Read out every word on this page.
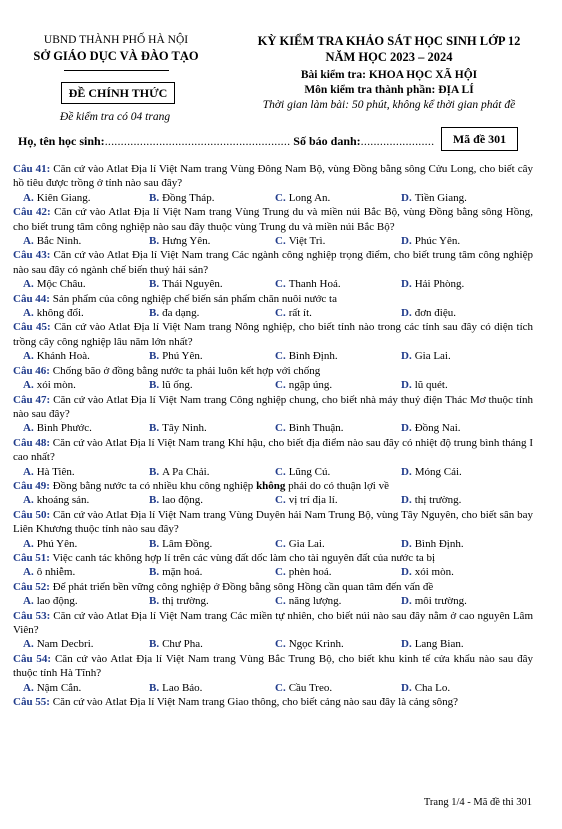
UBND THÀNH PHỐ HÀ NỘI
SỞ GIÁO DỤC VÀ ĐÀO TẠO
ĐỀ CHÍNH THỨC
Đề kiểm tra có 04 trang
KỲ KIỂM TRA KHẢO SÁT HỌC SINH LỚP 12
NĂM HỌC 2023 – 2024
Bài kiểm tra: KHOA HỌC XÃ HỘI
Môn kiểm tra thành phần: ĐỊA LÍ
Thời gian làm bài: 50 phút, không kể thời gian phát đề
Họ, tên học sinh:.......................................................... Số báo danh:.......................	Mã đề 301
Câu 41: Căn cứ vào Atlat Địa lí Việt Nam trang Vùng Đông Nam Bộ, vùng Đồng bằng sông Cửu Long, cho biết cây hồ tiêu được trồng ở tỉnh nào sau đây?
A. Kiên Giang.	B. Đồng Tháp.	C. Long An.	D. Tiền Giang.
Câu 42: Căn cứ vào Atlat Địa lí Việt Nam trang Vùng Trung du và miền núi Bắc Bộ, vùng Đồng bằng sông Hồng, cho biết trung tâm công nghiệp nào sau đây thuộc vùng Trung du và miền núi Bắc Bộ?
A. Bắc Ninh.	B. Hưng Yên.	C. Việt Trì.	D. Phúc Yên.
Câu 43: Căn cứ vào Atlat Địa lí Việt Nam trang Các ngành công nghiệp trọng điểm, cho biết trung tâm công nghiệp nào sau đây có ngành chế biến thuỷ hải sản?
A. Mộc Châu.	B. Thái Nguyên.	C. Thanh Hoá.	D. Hải Phòng.
Câu 44: Sản phẩm của công nghiệp chế biến sản phẩm chăn nuôi nước ta
A. không đổi.	B. đa dạng.	C. rất ít.	D. đơn điệu.
Câu 45: Căn cứ vào Atlat Địa lí Việt Nam trang Nông nghiệp, cho biết tỉnh nào trong các tỉnh sau đây có diện tích trồng cây công nghiệp lâu năm lớn nhất?
A. Khánh Hoà.	B. Phú Yên.	C. Bình Định.	D. Gia Lai.
Câu 46: Chống bão ở đồng bằng nước ta phải luôn kết hợp với chống
A. xói mòn.	B. lũ ống.	C. ngập úng.	D. lũ quét.
Câu 47: Căn cứ vào Atlat Địa lí Việt Nam trang Công nghiệp chung, cho biết nhà máy thuỷ điện Thác Mơ thuộc tỉnh nào sau đây?
A. Bình Phước.	B. Tây Ninh.	C. Bình Thuận.	D. Đồng Nai.
Câu 48: Căn cứ vào Atlat Địa lí Việt Nam trang Khí hậu, cho biết địa điểm nào sau đây có nhiệt độ trung bình tháng I cao nhất?
A. Hà Tiên.	B. A Pa Chải.	C. Lũng Cú.	D. Móng Cái.
Câu 49: Đồng bằng nước ta có nhiều khu công nghiệp không phải do có thuận lợi về
A. khoáng sản.	B. lao động.	C. vị trí địa lí.	D. thị trường.
Câu 50: Căn cứ vào Atlat Địa lí Việt Nam trang Vùng Duyên hải Nam Trung Bộ, vùng Tây Nguyên, cho biết sân bay Liên Khương thuộc tỉnh nào sau đây?
A. Phú Yên.	B. Lâm Đồng.	C. Gia Lai.	D. Bình Định.
Câu 51: Việc canh tác không hợp lí trên các vùng đất dốc làm cho tài nguyên đất của nước ta bị
A. ô nhiễm.	B. mặn hoá.	C. phèn hoá.	D. xói mòn.
Câu 52: Để phát triển bền vững công nghiệp ở Đồng bằng sông Hồng cần quan tâm đến vấn đề
A. lao động.	B. thị trường.	C. năng lượng.	D. môi trường.
Câu 53: Căn cứ vào Atlat Địa lí Việt Nam trang Các miền tự nhiên, cho biết núi nào sau đây nằm ở cao nguyên Lâm Viên?
A. Nam Decbri.	B. Chư Pha.	C. Ngọc Krinh.	D. Lang Bian.
Câu 54: Căn cứ vào Atlat Địa lí Việt Nam trang Vùng Bắc Trung Bộ, cho biết khu kinh tế cửa khẩu nào sau đây thuộc tỉnh Hà Tĩnh?
A. Nậm Cắn.	B. Lao Bảo.	C. Cầu Treo.	D. Cha Lo.
Câu 55: Căn cứ vào Atlat Địa lí Việt Nam trang Giao thông, cho biết cảng nào sau đây là cảng sông?
Trang 1/4 - Mã đề thi 301
